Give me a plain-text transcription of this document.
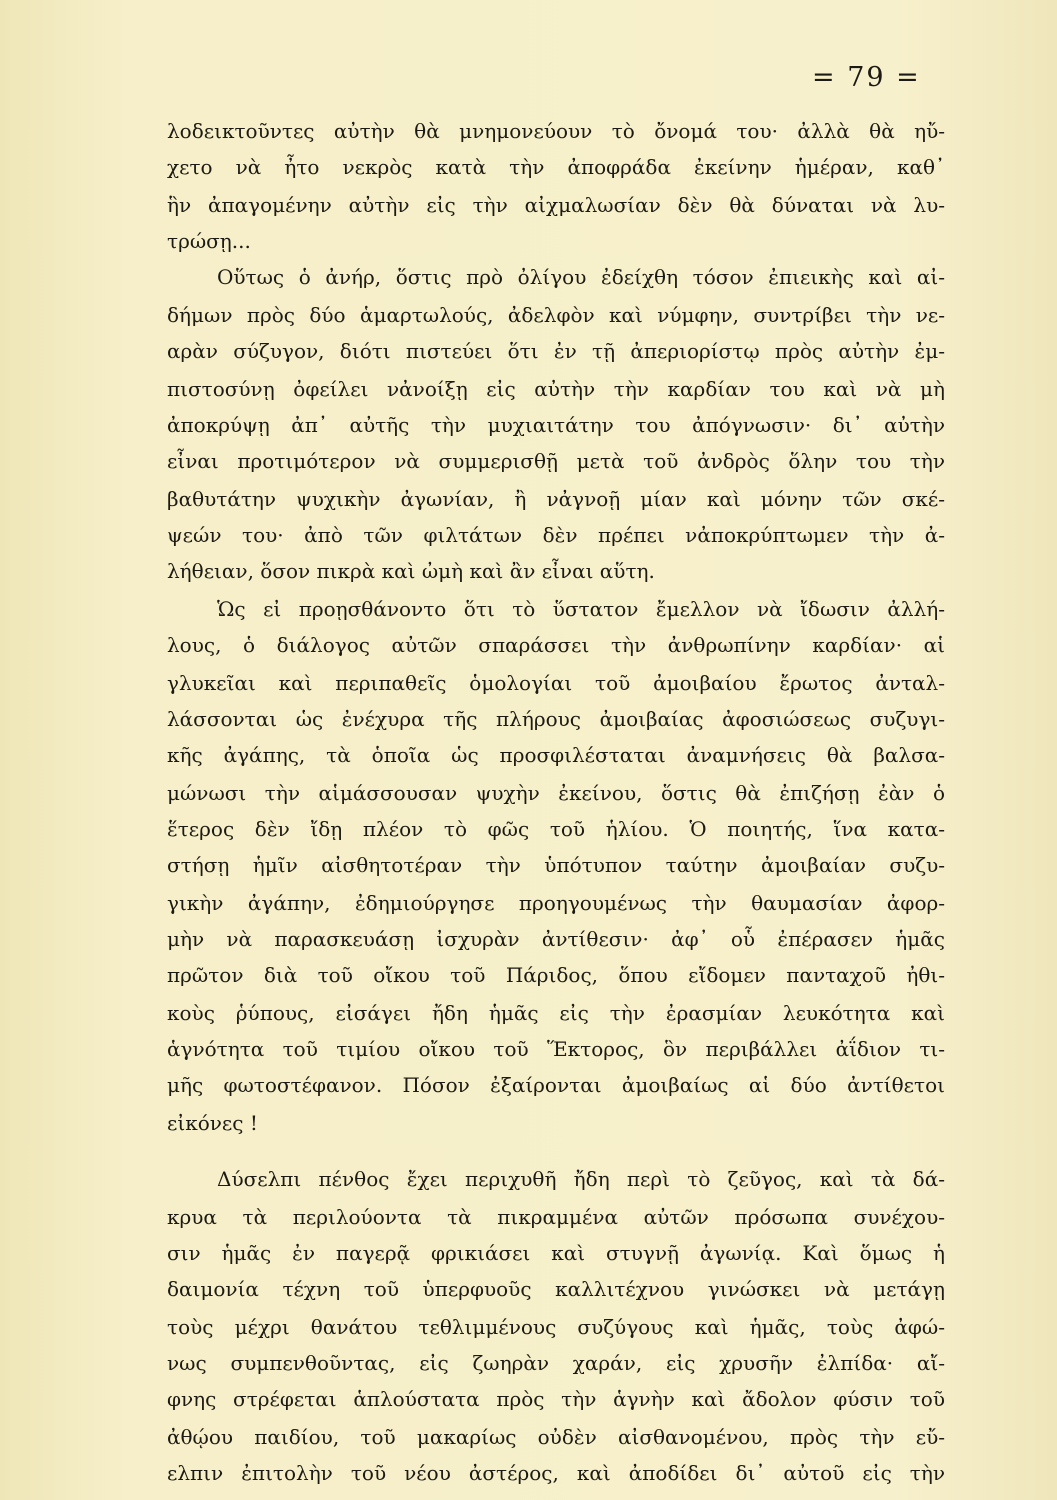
= 79 =
λοδεικτοῦντες αὐτὴν θὰ μνημονεύουν τὸ ὄνομά του· ἀλλὰ θὰ ηὔ-
χετο νὰ ἦτο νεκρὸς κατὰ τὴν ἀποφράδα ἐκείνην ἡμέραν, καθ᾽
ἣν ἀπαγομένην αὐτὴν εἰς τὴν αἰχμαλωσίαν δὲν θὰ δύναται νὰ λυ-
τρώσῃ...
Οὕτως ὁ ἀνήρ, ὅστις πρὸ ὀλίγου ἐδείχθη τόσον ἐπιεικὴς καὶ αἰ-
δήμων πρὸς δύο ἁμαρτωλούς, ἀδελφὸν καὶ νύμφην, συντρίβει τὴν νε-
αρὰν σύζυγον, διότι πιστεύει ὅτι ἐν τῇ ἀπεριορίστῳ πρὸς αὐτὴν ἐμ-
πιστοσύνῃ ὀφείλει νἀνοίξῃ εἰς αὐτὴν τὴν καρδίαν του καὶ νὰ μὴ
ἀποκρύψῃ ἀπ᾽ αὐτῆς τὴν μυχιαιτάτην του ἀπόγνωσιν· δι᾽ αὐτὴν
εἶναι προτιμότερον νὰ συμμερισθῇ μετὰ τοῦ ἀνδρὸς ὅλην του τὴν
βαθυτάτην ψυχικὴν ἀγωνίαν, ἢ νἀγνοῇ μίαν καὶ μόνην τῶν σκέ-
ψεών του· ἀπὸ τῶν φιλτάτων δὲν πρέπει νἀποκρύπτωμεν τὴν ἀ-
λήθειαν, ὅσον πικρὰ καὶ ὠμὴ καὶ ἂν εἶναι αὕτη.
Ὡς εἰ προῃσθάνοντο ὅτι τὸ ὕστατον ἔμελλον νὰ ἴδωσιν ἀλλή-
λους, ὁ διάλογος αὐτῶν σπαράσσει τὴν ἀνθρωπίνην καρδίαν· αἱ
γλυκεῖαι καὶ περιπαθεῖς ὁμολογίαι τοῦ ἀμοιβαίου ἔρωτος ἀνταλ-
λάσσονται ὡς ἐνέχυρα τῆς πλήρους ἀμοιβαίας ἀφοσιώσεως συζυγι-
κῆς ἀγάπης, τὰ ὁποῖα ὡς προσφιλέσταται ἀναμνήσεις θὰ βαλσα-
μώνωσι τὴν αἱμάσσουσαν ψυχὴν ἐκείνου, ὅστις θὰ ἐπιζήσῃ ἐὰν ὁ
ἕτερος δὲν ἴδῃ πλέον τὸ φῶς τοῦ ἡλίου. Ὁ ποιητής, ἵνα κατα-
στήσῃ ἡμῖν αἰσθητοτέραν τὴν ὑπότυπον ταύτην ἀμοιβαίαν συζυ-
γικὴν ἀγάπην, ἐδημιούργησε προηγουμένως τὴν θαυμασίαν ἀφορ-
μὴν νὰ παρασκευάσῃ ἰσχυρὰν ἀντίθεσιν· ἀφ᾽ οὗ ἐπέρασεν ἡμᾶς
πρῶτον διὰ τοῦ οἴκου τοῦ Πάριδος, ὅπου εἴδομεν πανταχοῦ ἠθι-
κοὺς ῥύπους, εἰσάγει ἤδη ἡμᾶς εἰς τὴν ἐρασμίαν λευκότητα καὶ
ἁγνότητα τοῦ τιμίου οἴκου τοῦ Ἕκτορος, ὃν περιβάλλει ἀΐδιον τι-
μῆς φωτοστέφανον. Πόσον ἐξαίρονται ἀμοιβαίως αἱ δύο ἀντίθετοι
εἰκόνες !
Δύσελπι πένθος ἔχει περιχυθῆ ἤδη περὶ τὸ ζεῦγος, καὶ τὰ δά-
κρυα τὰ περιλούοντα τὰ πικραμμένα αὐτῶν πρόσωπα συνέχου-
σιν ἡμᾶς ἐν παγερᾷ φρικιάσει καὶ στυγνῇ ἀγωνίᾳ. Καὶ ὅμως ἡ
δαιμονία τέχνη τοῦ ὑπερφυοῦς καλλιτέχνου γινώσκει νὰ μετάγῃ
τοὺς μέχρι θανάτου τεθλιμμένους συζύγους καὶ ἡμᾶς, τοὺς ἀφώ-
νως συμπενθοῦντας, εἰς ζωηρὰν χαράν, εἰς χρυσῆν ἐλπίδα· αἴ-
φνης στρέφεται ἁπλούστατα πρὸς τὴν ἁγνὴν καὶ ἄδολον φύσιν τοῦ
ἀθῴου παιδίου, τοῦ μακαρίως οὐδὲν αἰσθανομένου, πρὸς τὴν εὔ-
ελπιν ἐπιτολὴν τοῦ νέου ἀστέρος, καὶ ἀποδίδει δι᾽ αὐτοῦ εἰς τὴν
